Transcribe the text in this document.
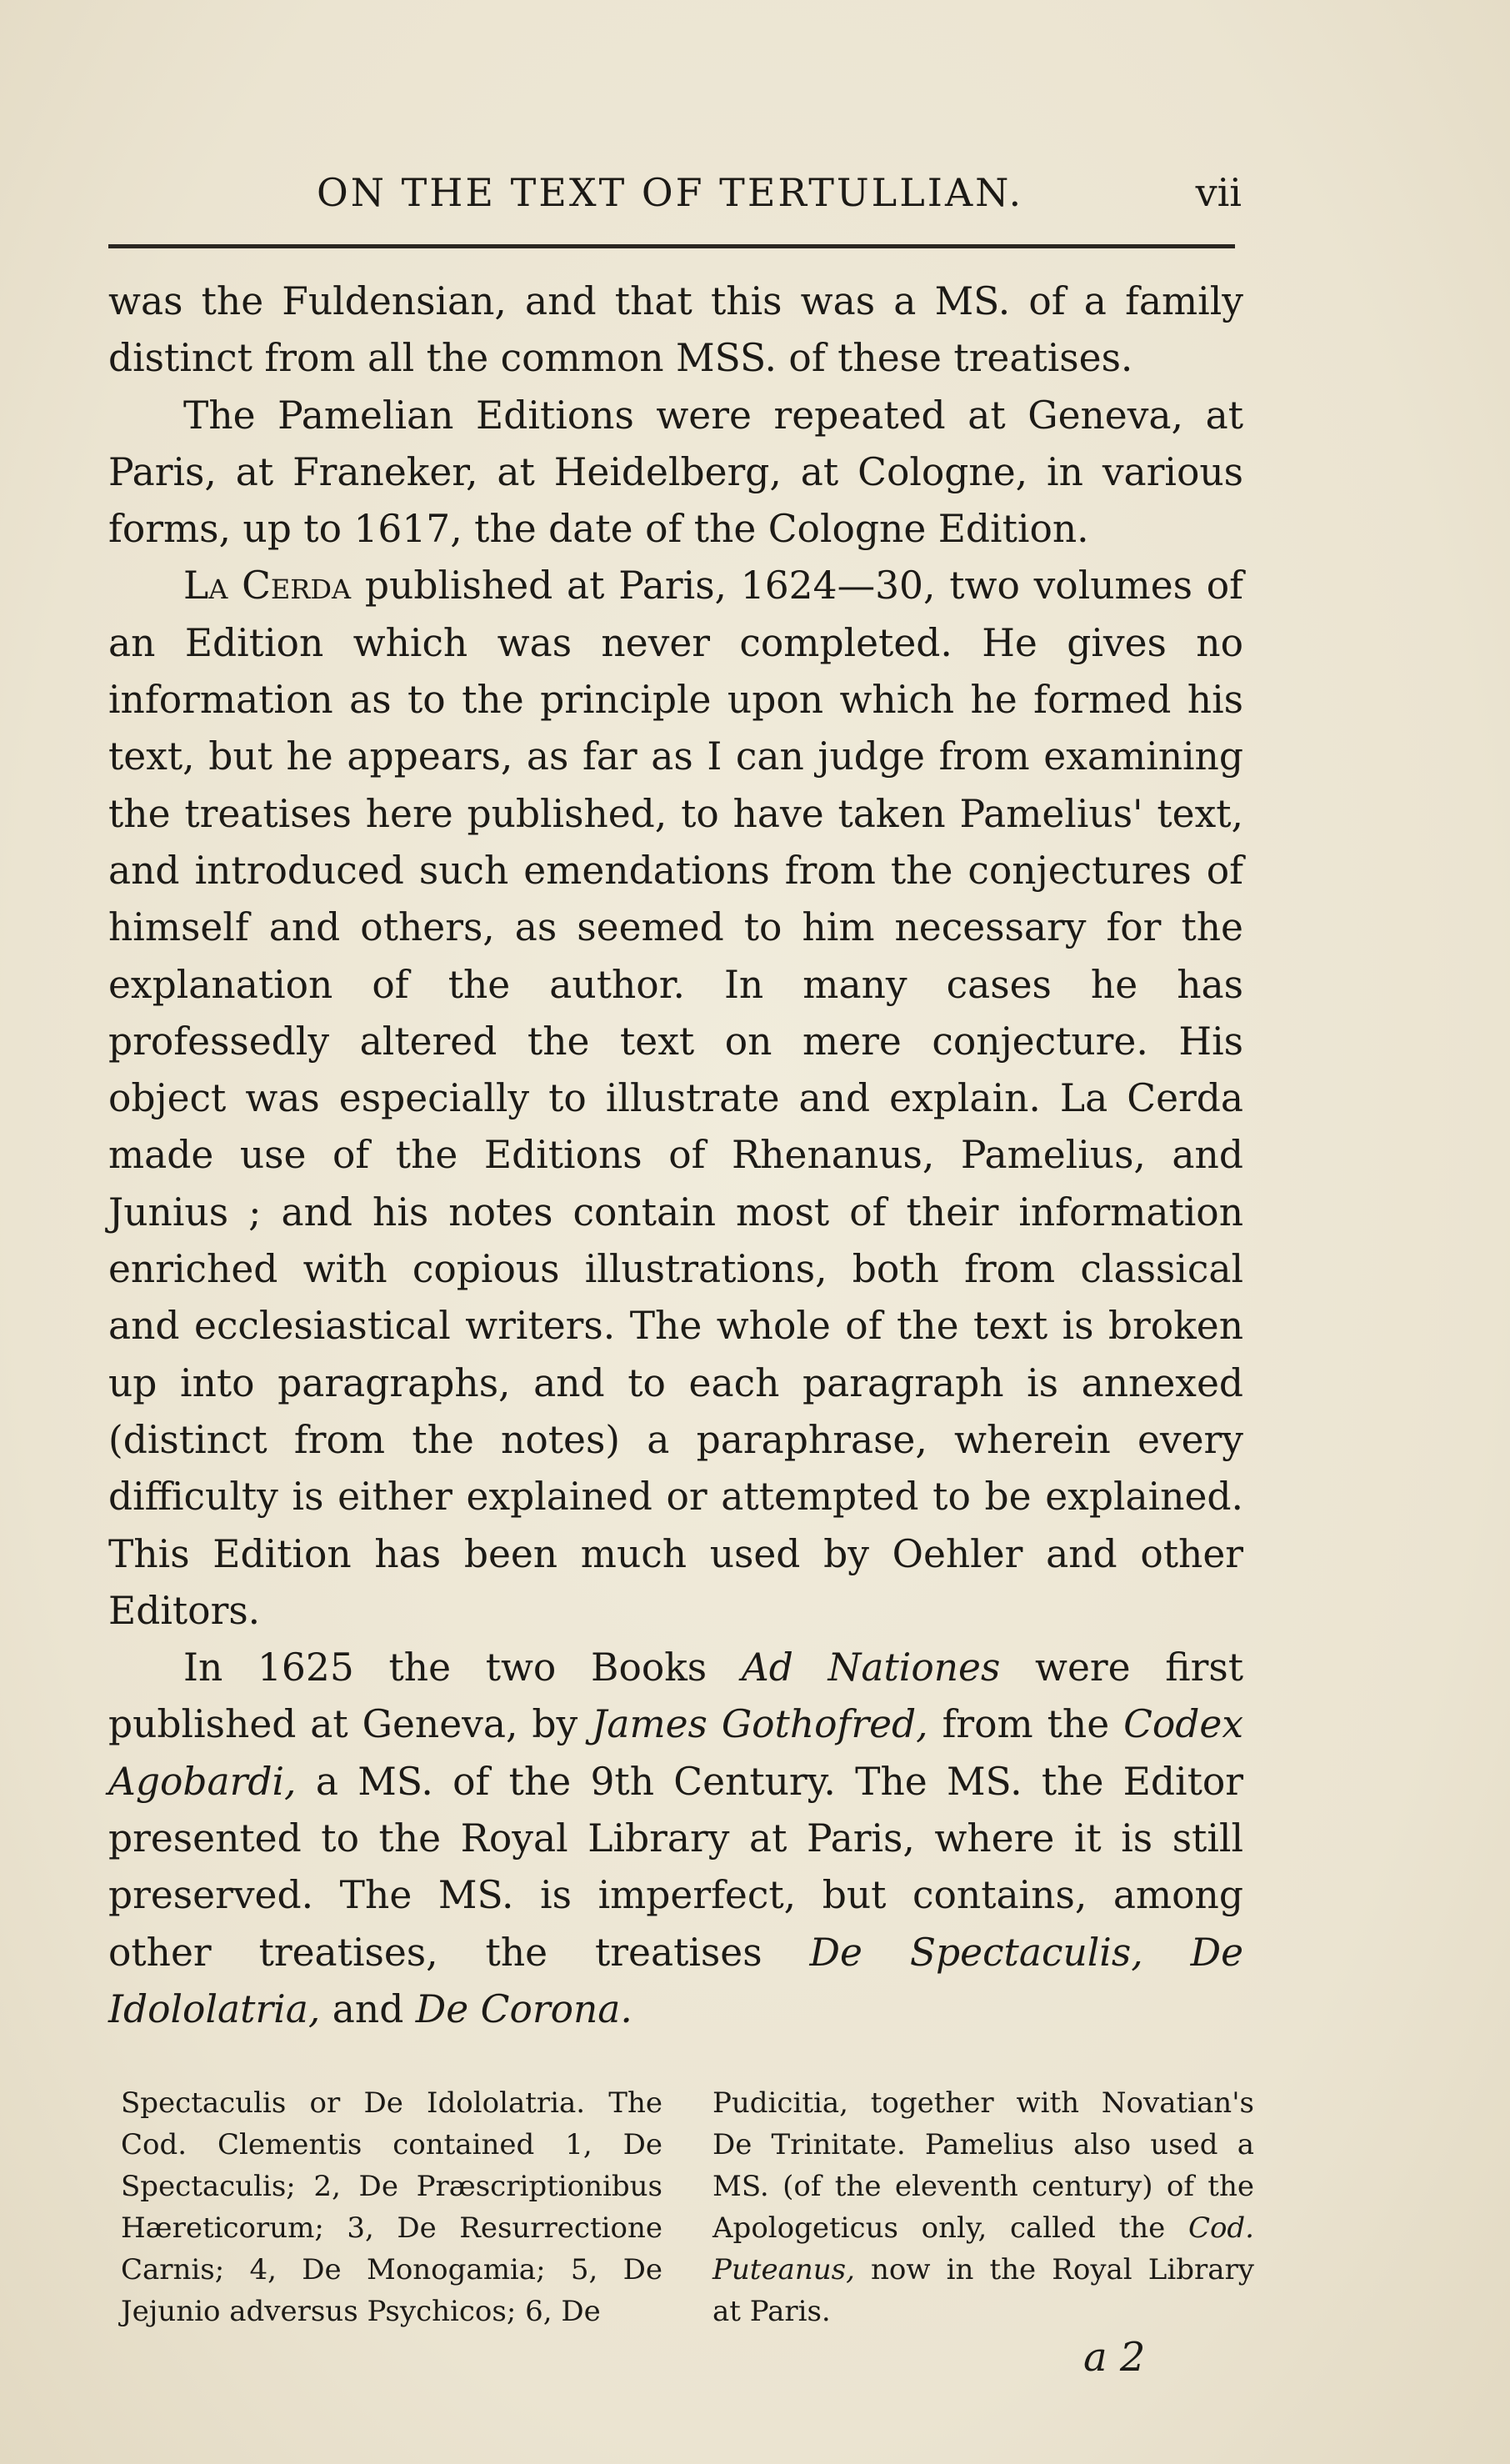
ON THE TEXT OF TERTULLIAN.	vii

was the Fuldensian, and that this was a MS. of a family distinct from all the common MSS. of these treatises.

The Pamelian Editions were repeated at Geneva, at Paris, at Franeker, at Heidelberg, at Cologne, in various forms, up to 1617, the date of the Cologne Edition.

La Cerda published at Paris, 1624—30, two volumes of an Edition which was never completed. He gives no information as to the principle upon which he formed his text, but he appears, as far as I can judge from examining the treatises here published, to have taken Pamelius' text, and introduced such emendations from the conjectures of himself and others, as seemed to him necessary for the explanation of the author. In many cases he has professedly altered the text on mere conjecture. His object was especially to illustrate and explain. La Cerda made use of the Editions of Rhenanus, Pamelius, and Junius ; and his notes contain most of their information enriched with copious illustrations, both from classical and ecclesiastical writers. The whole of the text is broken up into paragraphs, and to each paragraph is annexed (distinct from the notes) a paraphrase, wherein every difficulty is either explained or attempted to be explained. This Edition has been much used by Oehler and other Editors.

In 1625 the two Books Ad Nationes were first published at Geneva, by James Gothofred, from the Codex Agobardi, a MS. of the 9th Century. The MS. the Editor presented to the Royal Library at Paris, where it is still preserved. The MS. is imperfect, but contains, among other treatises, the treatises De Spectaculis, De Idololatria, and De Corona.

Spectaculis or De Idololatria. The Cod. Clementis contained 1, De Spectaculis; 2, De Præscriptionibus Hæreticorum; 3, De Resurrectione Carnis; 4, De Monogamia; 5, De Jejunio adversus Psychicos; 6, De
Pudicitia, together with Novatian's De Trinitate. Pamelius also used a MS. (of the eleventh century) of the Apologeticus only, called the Cod. Puteanus, now in the Royal Library at Paris.
a 2
